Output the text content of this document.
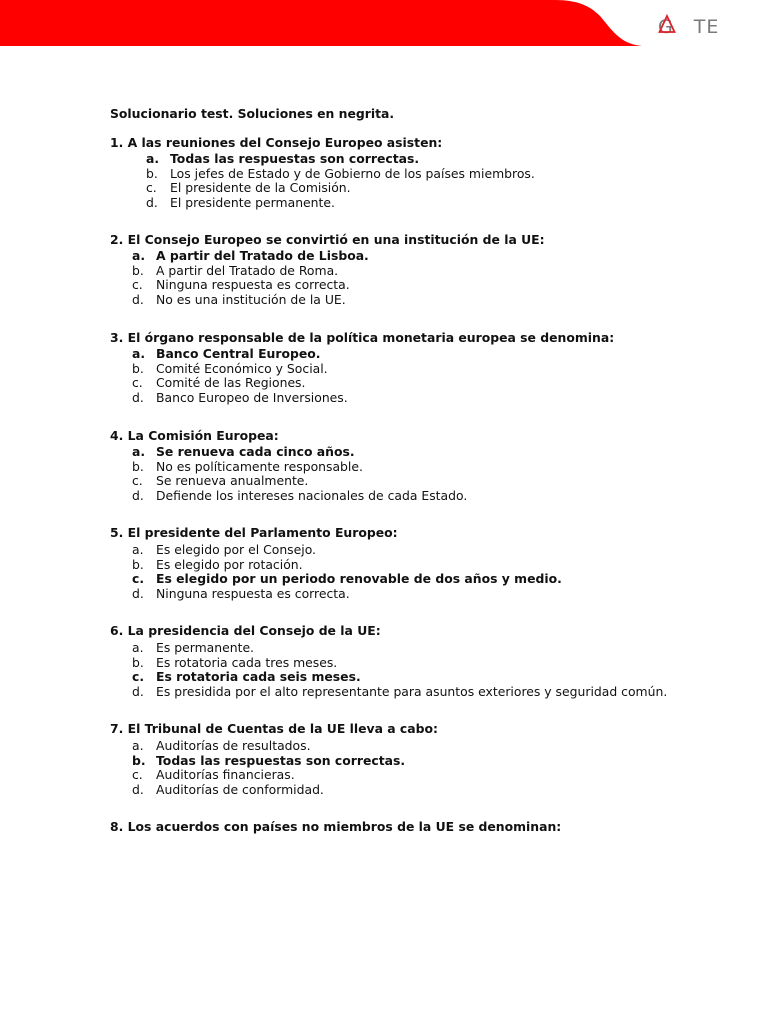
G TE

Solucionario test. Soluciones en negrita.

1. A las reuniones del Consejo Europeo asisten:

a. Todas las respuestas son correctas.
b. Los jefes de Estado y de Gobierno de los países miembros.
c.	El presidente de la Comisión.
d. El presidente permanente.

2. El Consejo Europeo se convirtió en una institución de la UE:

a. A partir del Tratado de Lisboa.
b. A partir del Tratado de Roma.
c.	Ninguna respuesta es correcta.
d. No es una institución de la UE.

3. El órgano responsable de la política monetaria europea se denomina:

a. Banco Central Europeo.
b. Comité Económico y Social.
c.	Comité de las Regiones.
d. Banco Europeo de Inversiones.

4. La Comisión Europea:

a. Se renueva cada cinco años.
b. No es políticamente responsable.
c.	Se renueva anualmente.
d. Defiende los intereses nacionales de cada Estado.

5. El presidente del Parlamento Europeo:

a.	Es elegido por el Consejo.
b. Es elegido por rotación.
c. Es elegido por un periodo renovable de dos años y medio.
d. Ninguna respuesta es correcta.

6. La presidencia del Consejo de la UE:

a.	Es permanente.
b. Es rotatoria cada tres meses.
c. Es rotatoria cada seis meses.
d. Es presidida por el alto representante para asuntos exteriores y seguridad común.

7. El Tribunal de Cuentas de la UE lleva a cabo:

a.	Auditorías de resultados.
b. Todas las respuestas son correctas.
c.	Auditorías financieras.
d. Auditorías de conformidad.

8. Los acuerdos con países no miembros de la UE se denominan:
